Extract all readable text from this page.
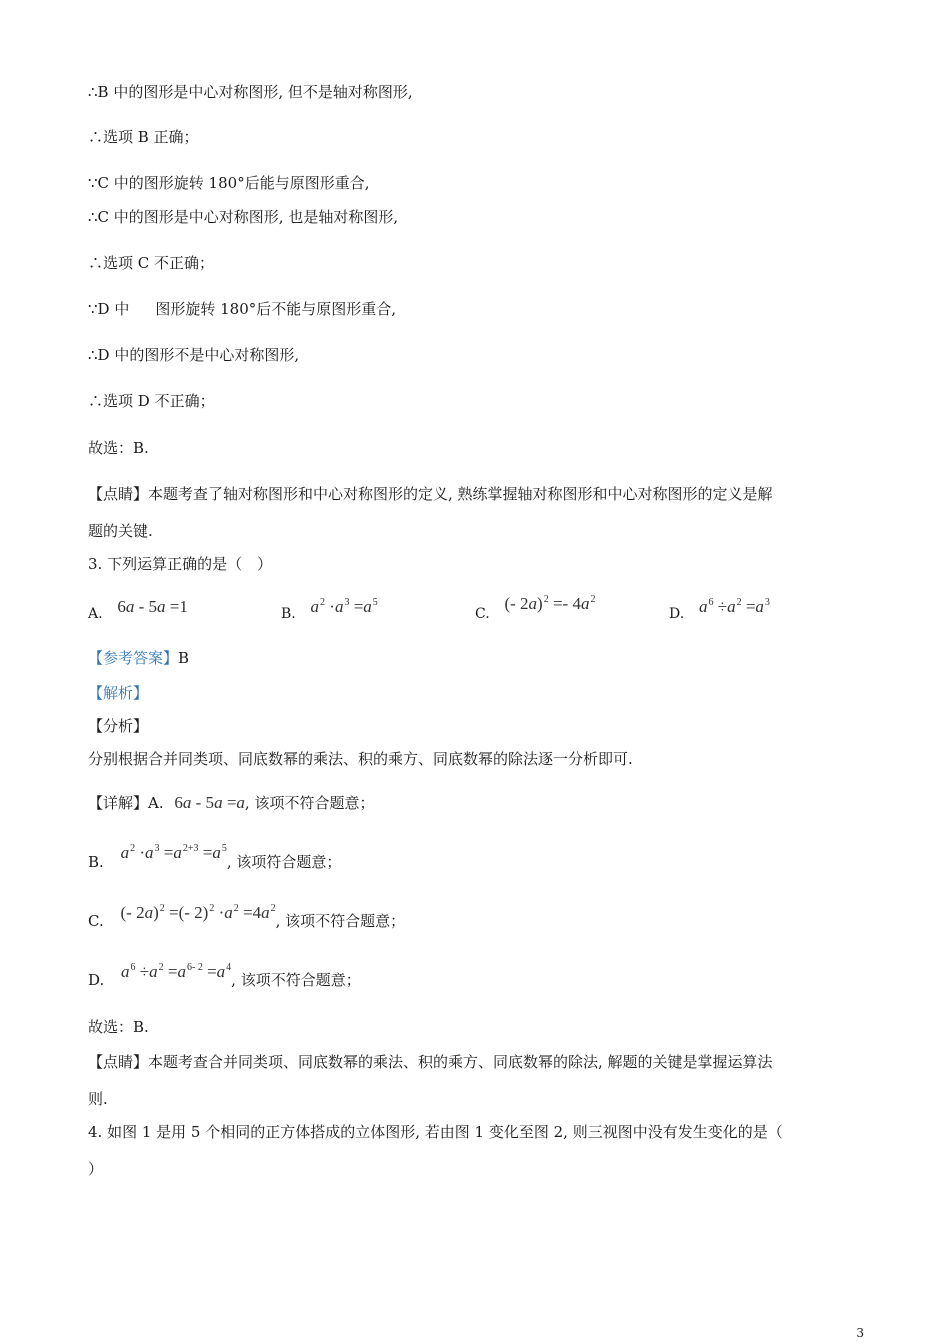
∴B 中的图形是中心对称图形, 但不是轴对称图形,
∴选项 B 正确；
∵C 中的图形旋转 180°后能与原图形重合,
∴C 中的图形是中心对称图形, 也是轴对称图形,
∴选项 C 不正确；
∵D 中 图形旋转 180°后不能与原图形重合,
∴D 中的图形不是中心对称图形,
∴选项 D 不正确；
故选：B.
【点睛】本题考查了轴对称图形和中心对称图形的定义, 熟练掌握轴对称图形和中心对称图形的定义是解
题的关键.
3. 下列运算正确的是（　）
A. 6a - 5a =1	B. $a^2 \cdot a^3 =a^5$
C. (- $2a)^2 =- 4a^2$
D. $a^6 \div a^2 =a^3$
【参考答案】B
【解析】
【分析】
分别根据合并同类项、同底数幂的乘法、积的乘方、同底数幂的除法逐一分析即可.
【详解】A. 6a - 5a =a, 该项不符合题意；
B. $a^2 \cdot a^3 =a^{2+3} =a^5$, 该项符合题意；
C. (- 2a)$^2$ =(- $2)^2 \cdot a^2 =4a^2$, 该项不符合题意；
D. $a^6 \div a^2 =a^{6- 2} =a^4$, 该项不符合题意；
故选：B.
【点睛】本题考查合并同类项、同底数幂的乘法、积的乘方、同底数幂的除法, 解题的关键是掌握运算法
则.
4. 如图 1 是用 5 个相同的正方体搭成的立体图形, 若由图 1 变化至图 2, 则三视图中没有发生变化的是（
）
3
